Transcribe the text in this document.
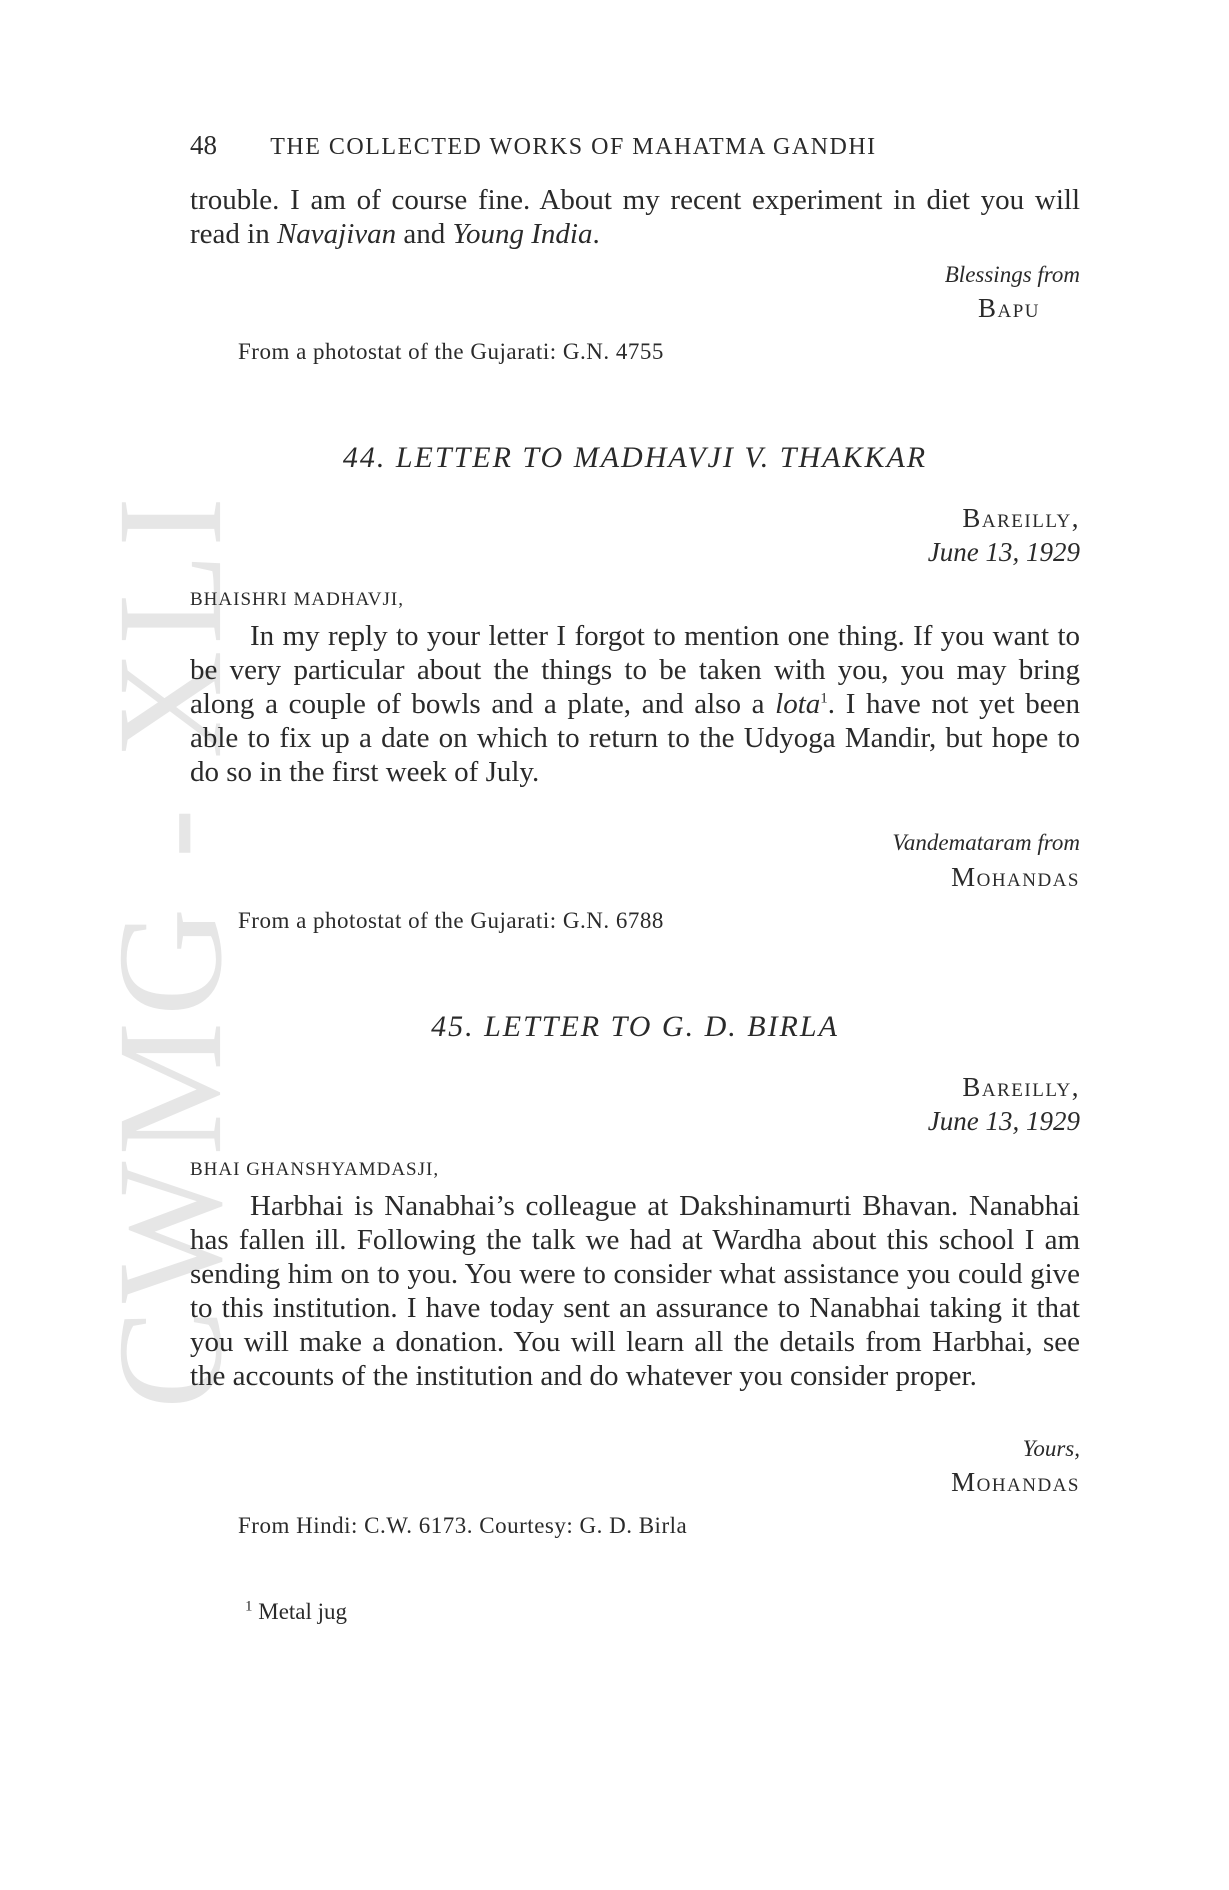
CWMG - XLI
48 THE COLLECTED WORKS OF MAHATMA GANDHI

trouble. I am of course fine. About my recent experiment in diet you will read in Navajivan and Young India.

Blessings from
Bapu
From a photostat of the Gujarati: G.N. 4755
44. LETTER TO MADHAVJI V. THAKKAR
Bareilly,
June 13, 1929
BHAISHRI MADHAVJI,

In my reply to your letter I forgot to mention one thing. If you want to be very particular about the things to be taken with you, you may bring along a couple of bowls and a plate, and also a lota$^1$. I have not yet been able to fix up a date on which to return to the Udyoga Mandir, but hope to do so in the first week of July.

Vandemataram from
Mohandas
From a photostat of the Gujarati: G.N. 6788
45. LETTER TO G. D. BIRLA
Bareilly,
June 13, 1929
BHAI GHANSHYAMDASJI,

Harbhai is Nanabhai’s colleague at Dakshinamurti Bhavan. Nanabhai has fallen ill. Following the talk we had at Wardha about this school I am sending him on to you. You were to consider what assistance you could give to this institution. I have today sent an assurance to Nanabhai taking it that you will make a donation. You will learn all the details from Harbhai, see the accounts of the institution and do whatever you consider proper.

Yours,
Mohandas
From Hindi: C.W. 6173. Courtesy: G. D. Birla
$^1$ Metal jug
